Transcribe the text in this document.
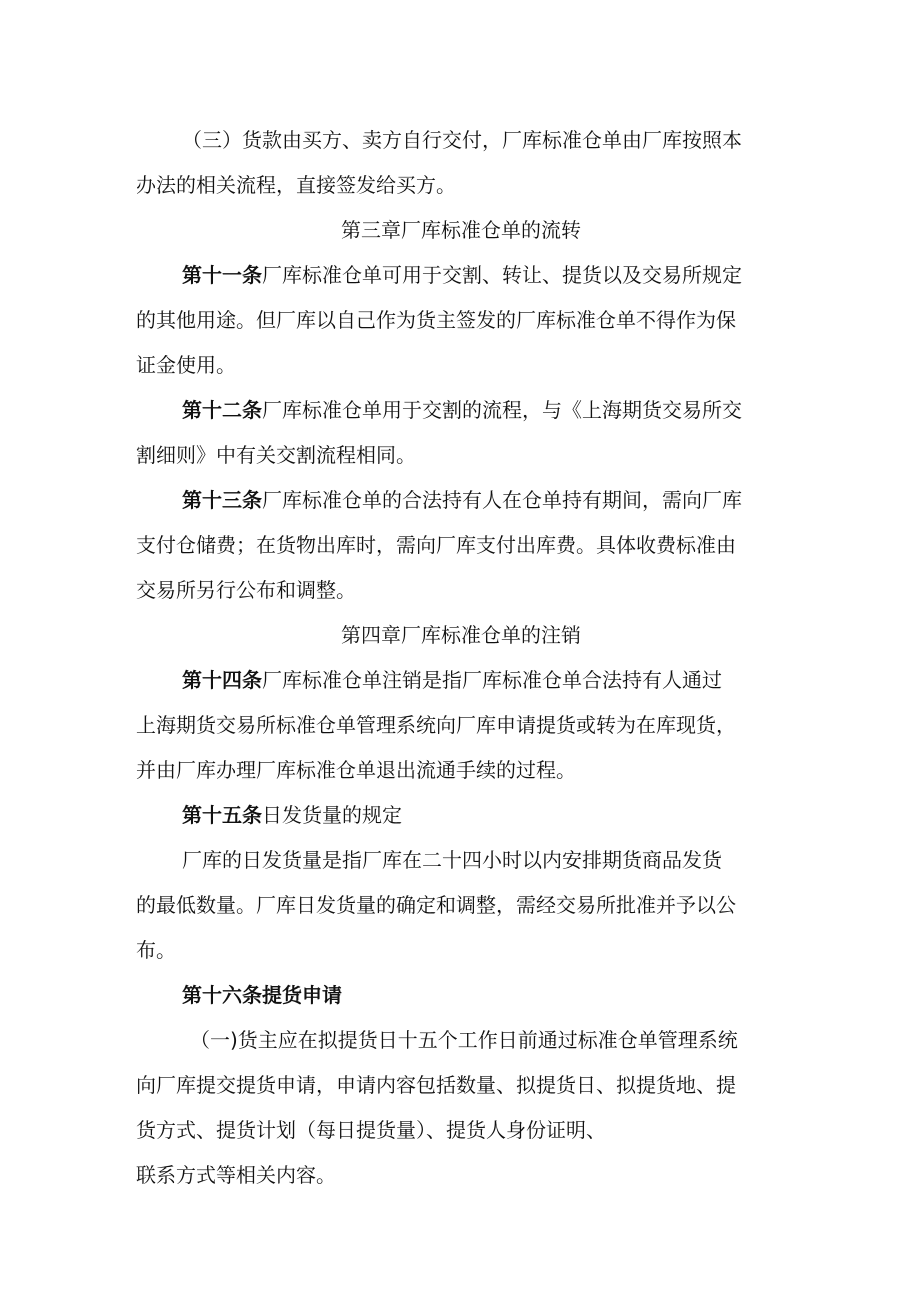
（三）货款由买方、卖方自行交付，厂库标准仓单由厂库按照本
办法的相关流程，直接签发给买方。
第三章厂库标准仓单的流转
第十一条厂库标准仓单可用于交割、转让、提货以及交易所规定
的其他用途。但厂库以自己作为货主签发的厂库标准仓单不得作为保
证金使用。
第十二条厂库标准仓单用于交割的流程，与《上海期货交易所交
割细则》中有关交割流程相同。
第十三条厂库标准仓单的合法持有人在仓单持有期间，需向厂库
支付仓储费；在货物出库时，需向厂库支付出库费。具体收费标准由
交易所另行公布和调整。
第四章厂库标准仓单的注销
第十四条厂库标准仓单注销是指厂库标准仓单合法持有人通过
上海期货交易所标准仓单管理系统向厂库申请提货或转为在库现货，
并由厂库办理厂库标准仓单退出流通手续的过程。
第十五条日发货量的规定
厂库的日发货量是指厂库在二十四小时以内安排期货商品发货
的最低数量。厂库日发货量的确定和调整，需经交易所批准并予以公
布。
第十六条提货申请
（一)货主应在拟提货日十五个工作日前通过标准仓单管理系统
向厂库提交提货申请，申请内容包括数量、拟提货日、拟提货地、提
货方式、提货计划（每日提货量）、提货人身份证明、
联系方式等相关内容。
